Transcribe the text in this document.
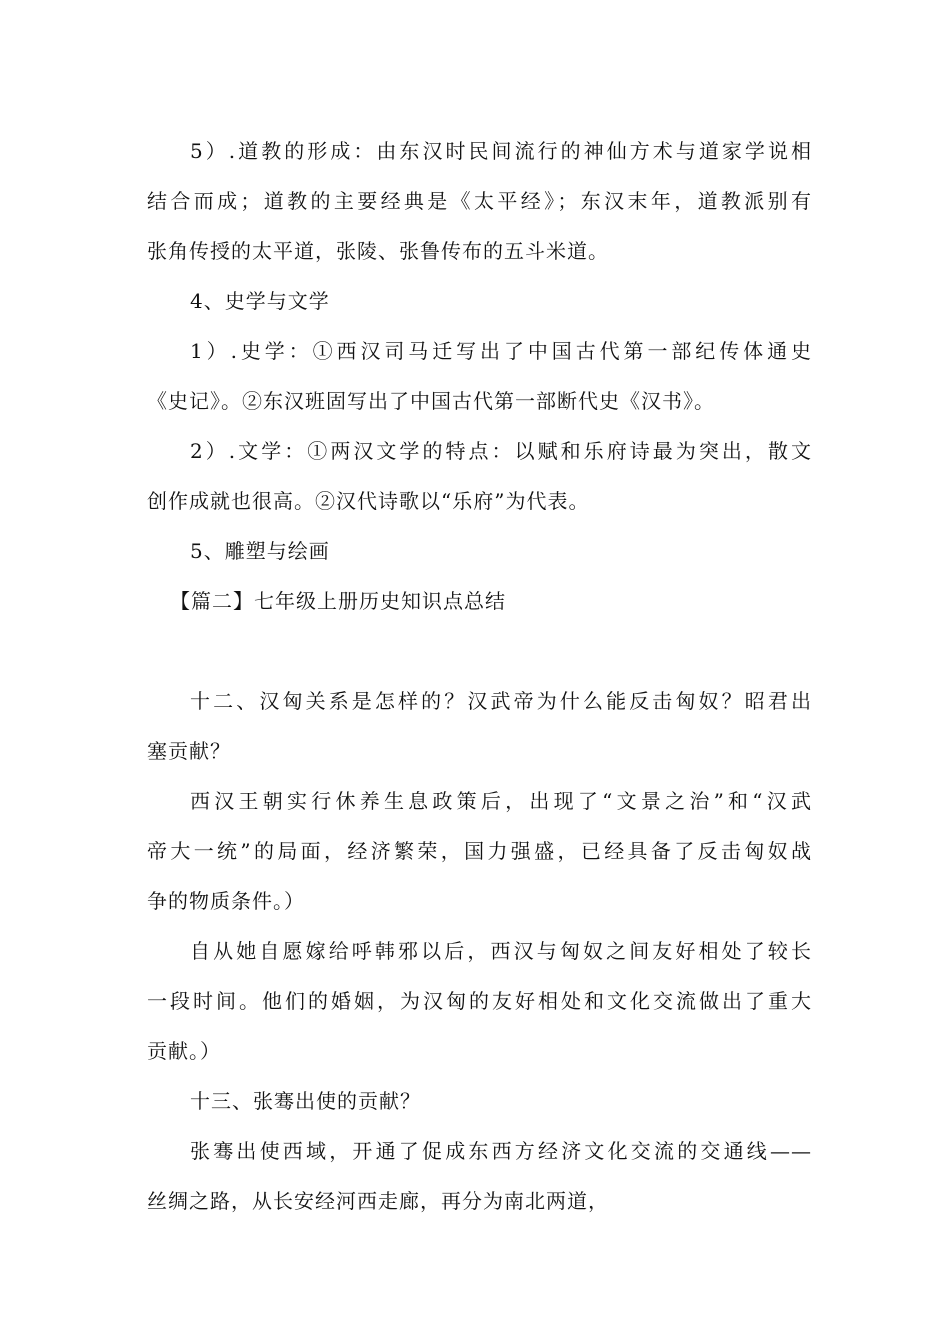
5）.道教的形成：由东汉时民间流行的神仙方术与道家学说相
结合而成；道教的主要经典是《太平经》；东汉末年，道教派别有
张角传授的太平道，张陵、张鲁传布的五斗米道。
4、史学与文学
1）.史学：①西汉司马迁写出了中国古代第一部纪传体通史
《史记》。②东汉班固写出了中国古代第一部断代史《汉书》。
2）.文学：①两汉文学的特点：以赋和乐府诗最为突出，散文
创作成就也很高。②汉代诗歌以“乐府”为代表。
5、雕塑与绘画
【篇二】七年级上册历史知识点总结
十二、汉匈关系是怎样的？汉武帝为什么能反击匈奴？昭君出
塞贡献？
西汉王朝实行休养生息政策后，出现了“文景之治”和“汉武
帝大一统”的局面，经济繁荣，国力强盛，已经具备了反击匈奴战
争的物质条件。）
自从她自愿嫁给呼韩邪以后，西汉与匈奴之间友好相处了较长
一段时间。他们的婚姻，为汉匈的友好相处和文化交流做出了重大
贡献。）
十三、张骞出使的贡献？
张骞出使西域，开通了促成东西方经济文化交流的交通线——
丝绸之路，从长安经河西走廊，再分为南北两道，
